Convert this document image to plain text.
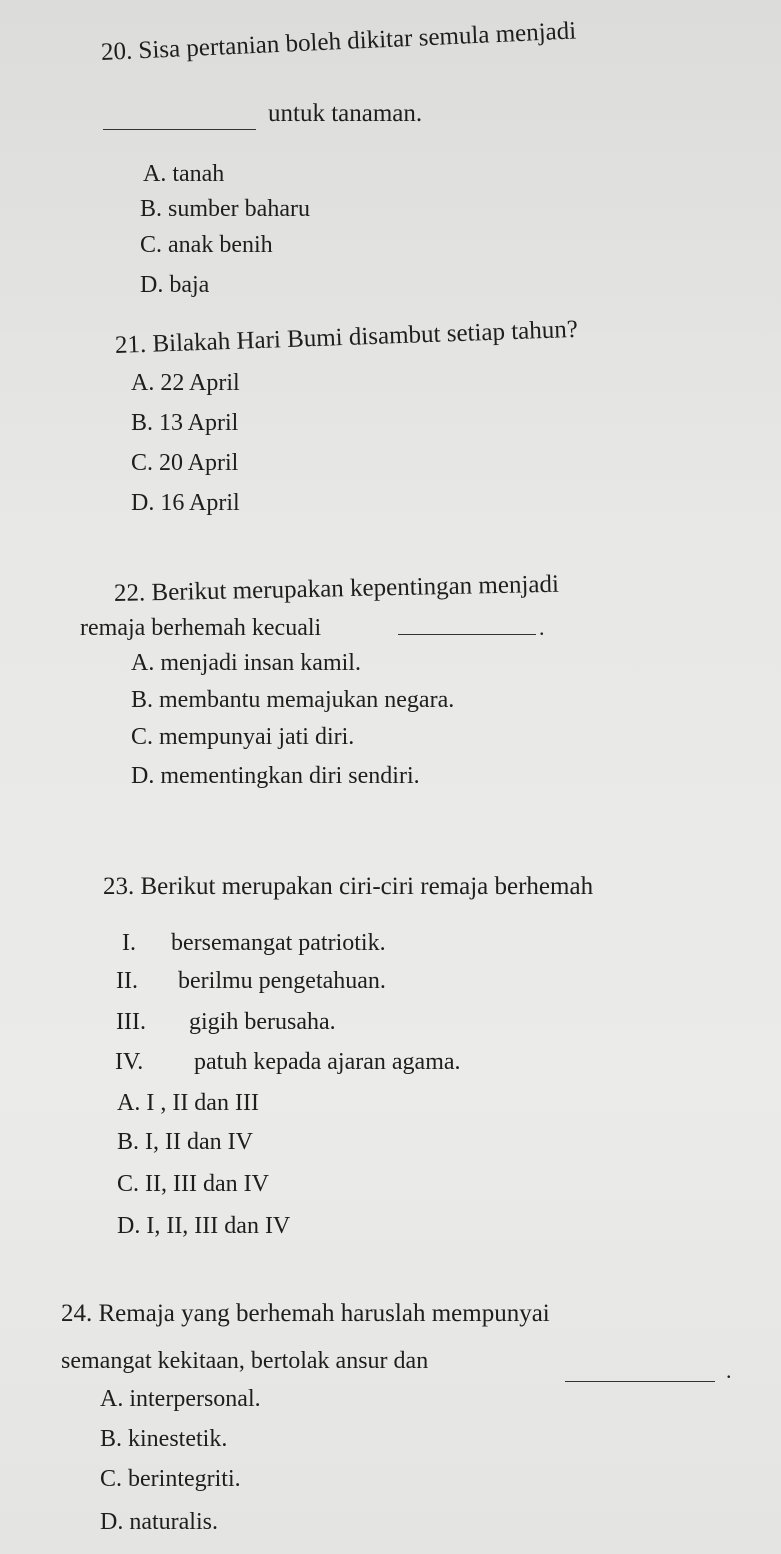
20. Sisa pertanian boleh dikitar semula menjadi
untuk tanaman.
A. tanah
B. sumber baharu
C. anak benih
D. baja
21. Bilakah Hari Bumi disambut setiap tahun?
A. 22 April
B. 13 April
C. 20 April
D. 16 April
22. Berikut merupakan kepentingan menjadi
remaja berhemah kecuali	.
A. menjadi insan kamil.
B. membantu memajukan negara.
C. mempunyai jati diri.
D. mementingkan diri sendiri.
23. Berikut merupakan ciri-ciri remaja berhemah
I. bersemangat patriotik.
II. berilmu pengetahuan.
III. gigih berusaha.
IV. patuh kepada ajaran agama.
A. I , II dan III
B. I, II dan IV
C. II, III dan IV
D. I, II, III dan IV
24. Remaja yang berhemah haruslah mempunyai
semangat kekitaan, bertolak ansur dan	.
A. interpersonal.
B. kinestetik.
C. berintegriti.
D. naturalis.
